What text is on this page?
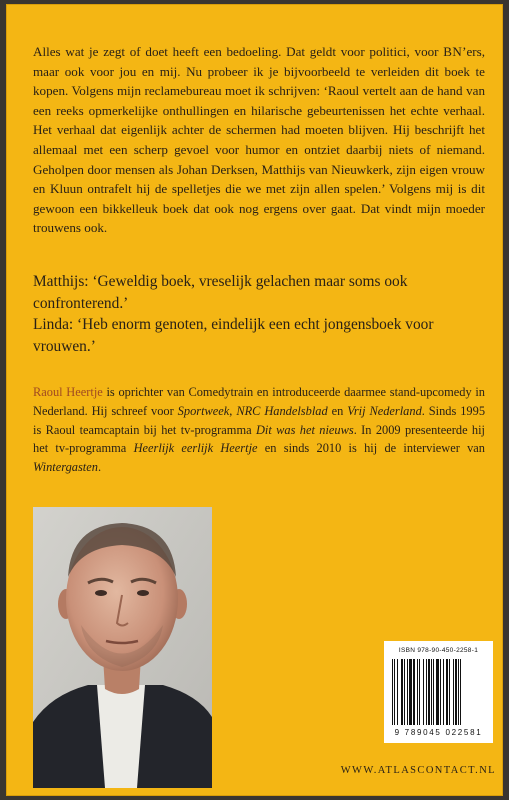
Alles wat je zegt of doet heeft een bedoeling. Dat geldt voor politici, voor BN’ers, maar ook voor jou en mij. Nu probeer ik je bijvoorbeeld te verleiden dit boek te kopen. Volgens mijn reclamebureau moet ik schrijven: ‘Raoul vertelt aan de hand van een reeks opmerkelijke onthullingen en hilarische gebeurtenissen het echte verhaal. Het verhaal dat eigenlijk achter de schermen had moeten blijven. Hij beschrijft het allemaal met een scherp gevoel voor humor en ontziet daarbij niets of niemand. Geholpen door mensen als Johan Derksen, Matthijs van Nieuwkerk, zijn eigen vrouw en Kluun ontrafelt hij de spelletjes die we met zijn allen spelen.’ Volgens mij is dit gewoon een bikkelleuk boek dat ook nog ergens over gaat. Dat vindt mijn moeder trouwens ook.

Matthijs: ‘Geweldig boek, vreselijk gelachen maar soms ook confronterend.’

Linda: ‘Heb enorm genoten, eindelijk een echt jongensboek voor vrouwen.’

Raoul Heertje is oprichter van Comedytrain en introduceerde daarmee stand-upcomedy in Nederland. Hij schreef voor Sportweek, NRC Handelsblad en Vrij Nederland. Sinds 1995 is Raoul teamcaptain bij het tv-programma Dit was het nieuws. In 2009 presenteerde hij het tv-programma Heerlijk eerlijk Heertje en sinds 2010 is hij de interviewer van Wintergasten.

ISBN 978-90-450-2258-1
9 789045 022581
WWW.ATLASCONTACT.NL
